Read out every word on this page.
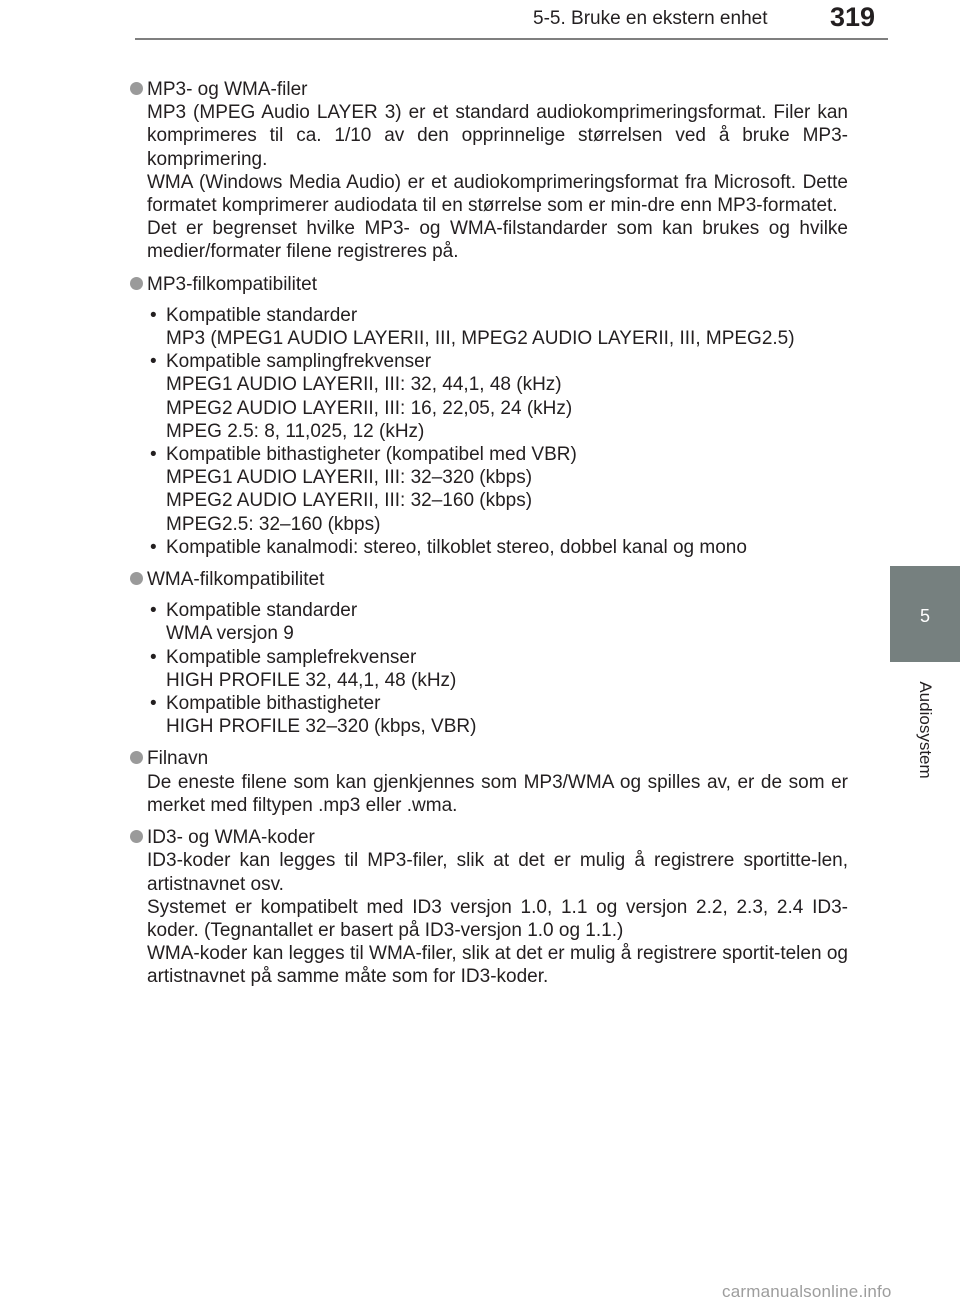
5-5. Bruke en ekstern enhet 319
5
Audiosystem
MP3- og WMA-filer
MP3 (MPEG Audio LAYER 3) er et standard audiokomprimeringsformat. Filer kan komprimeres til ca. 1/10 av den opprinnelige størrelsen ved å bruke MP3-komprimering.
WMA (Windows Media Audio) er et audiokomprimeringsformat fra Microsoft. Dette formatet komprimerer audiodata til en størrelse som er min-dre enn MP3-formatet.
Det er begrenset hvilke MP3- og WMA-filstandarder som kan brukes og hvilke medier/formater filene registreres på.
MP3-filkompatibilitet
• Kompatible standarder
MP3 (MPEG1 AUDIO LAYERII, III, MPEG2 AUDIO LAYERII, III, MPEG2.5)
• Kompatible samplingfrekvenser
MPEG1 AUDIO LAYERII, III: 32, 44,1, 48 (kHz)
MPEG2 AUDIO LAYERII, III: 16, 22,05, 24 (kHz)
MPEG 2.5: 8, 11,025, 12 (kHz)
• Kompatible bithastigheter (kompatibel med VBR)
MPEG1 AUDIO LAYERII, III: 32–320 (kbps)
MPEG2 AUDIO LAYERII, III: 32–160 (kbps)
MPEG2.5: 32–160 (kbps)
• Kompatible kanalmodi: stereo, tilkoblet stereo, dobbel kanal og mono
WMA-filkompatibilitet
• Kompatible standarder
WMA versjon 9
• Kompatible samplefrekvenser
HIGH PROFILE 32, 44,1, 48 (kHz)
• Kompatible bithastigheter
HIGH PROFILE 32–320 (kbps, VBR)
Filnavn
De eneste filene som kan gjenkjennes som MP3/WMA og spilles av, er de som er merket med filtypen .mp3 eller .wma.
ID3- og WMA-koder
ID3-koder kan legges til MP3-filer, slik at det er mulig å registrere sportitte-len, artistnavnet osv.
Systemet er kompatibelt med ID3 versjon 1.0, 1.1 og versjon 2.2, 2.3, 2.4 ID3-koder. (Tegnantallet er basert på ID3-versjon 1.0 og 1.1.)
WMA-koder kan legges til WMA-filer, slik at det er mulig å registrere sportit-telen og artistnavnet på samme måte som for ID3-koder.
carmanualsonline.info
